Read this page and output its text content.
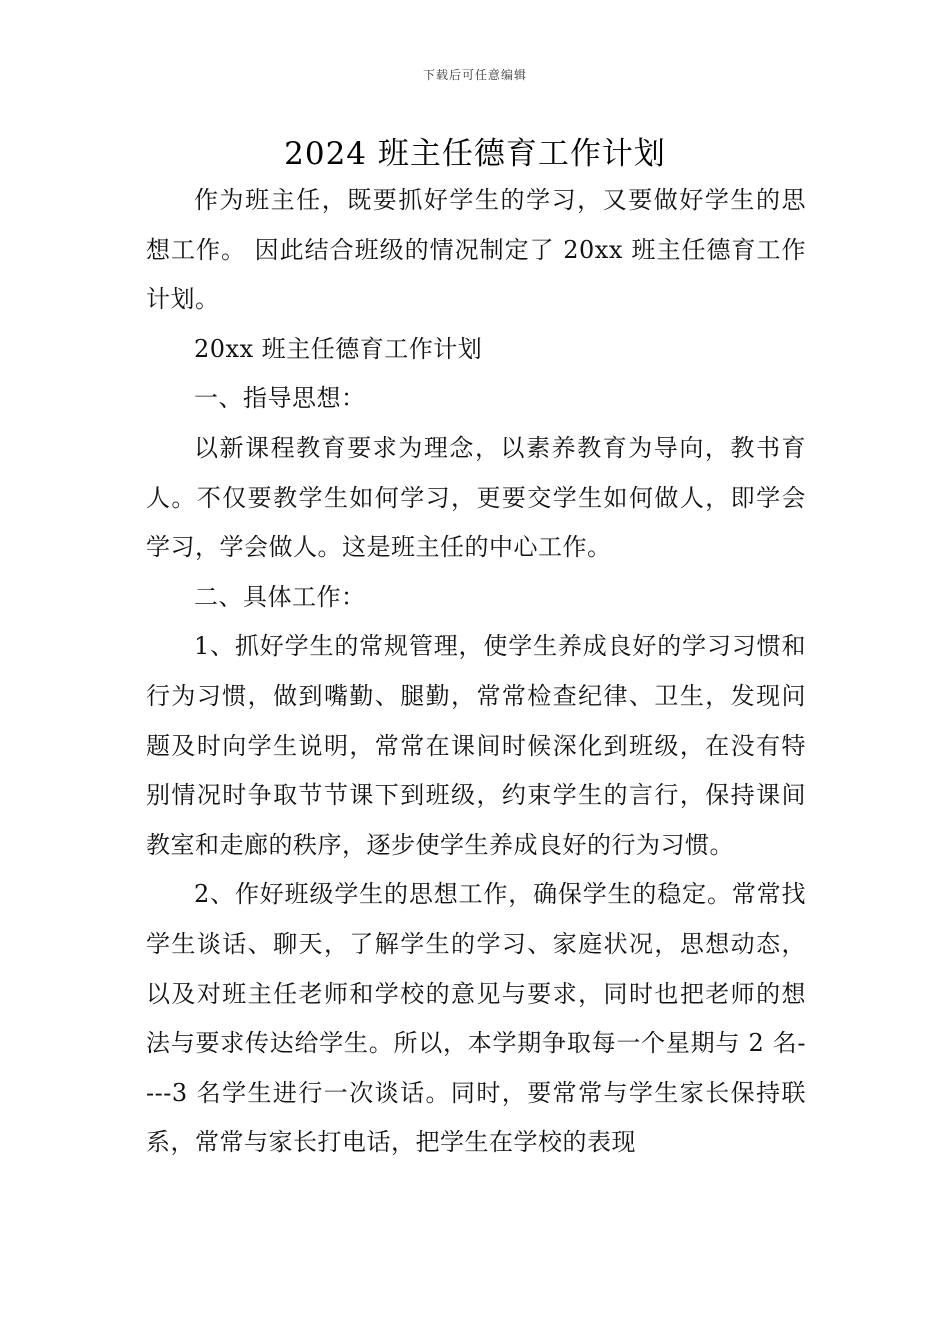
下载后可任意编辑
2024 班主任德育工作计划

作为班主任，既要抓好学生的学习，又要做好学生的思想工作。 因此结合班级的情况制定了 20xx 班主任德育工作计划。

20xx 班主任德育工作计划

一、指导思想：

以新课程教育要求为理念，以素养教育为导向，教书育人。不仅要教学生如何学习，更要交学生如何做人，即学会学习，学会做人。这是班主任的中心工作。

二、具体工作：

1、抓好学生的常规管理，使学生养成良好的学习习惯和行为习惯，做到嘴勤、腿勤，常常检查纪律、卫生，发现问题及时向学生说明，常常在课间时候深化到班级，在没有特别情况时争取节节课下到班级，约束学生的言行，保持课间教室和走廊的秩序，逐步使学生养成良好的行为习惯。

2、作好班级学生的思想工作，确保学生的稳定。常常找学生谈话、聊天，了解学生的学习、家庭状况，思想动态，以及对班主任老师和学校的意见与要求，同时也把老师的想法与要求传达给学生。所以，本学期争取每一个星期与 2 名----3 名学生进行一次谈话。同时，要常常与学生家长保持联系，常常与家长打电话，把学生在学校的表现
